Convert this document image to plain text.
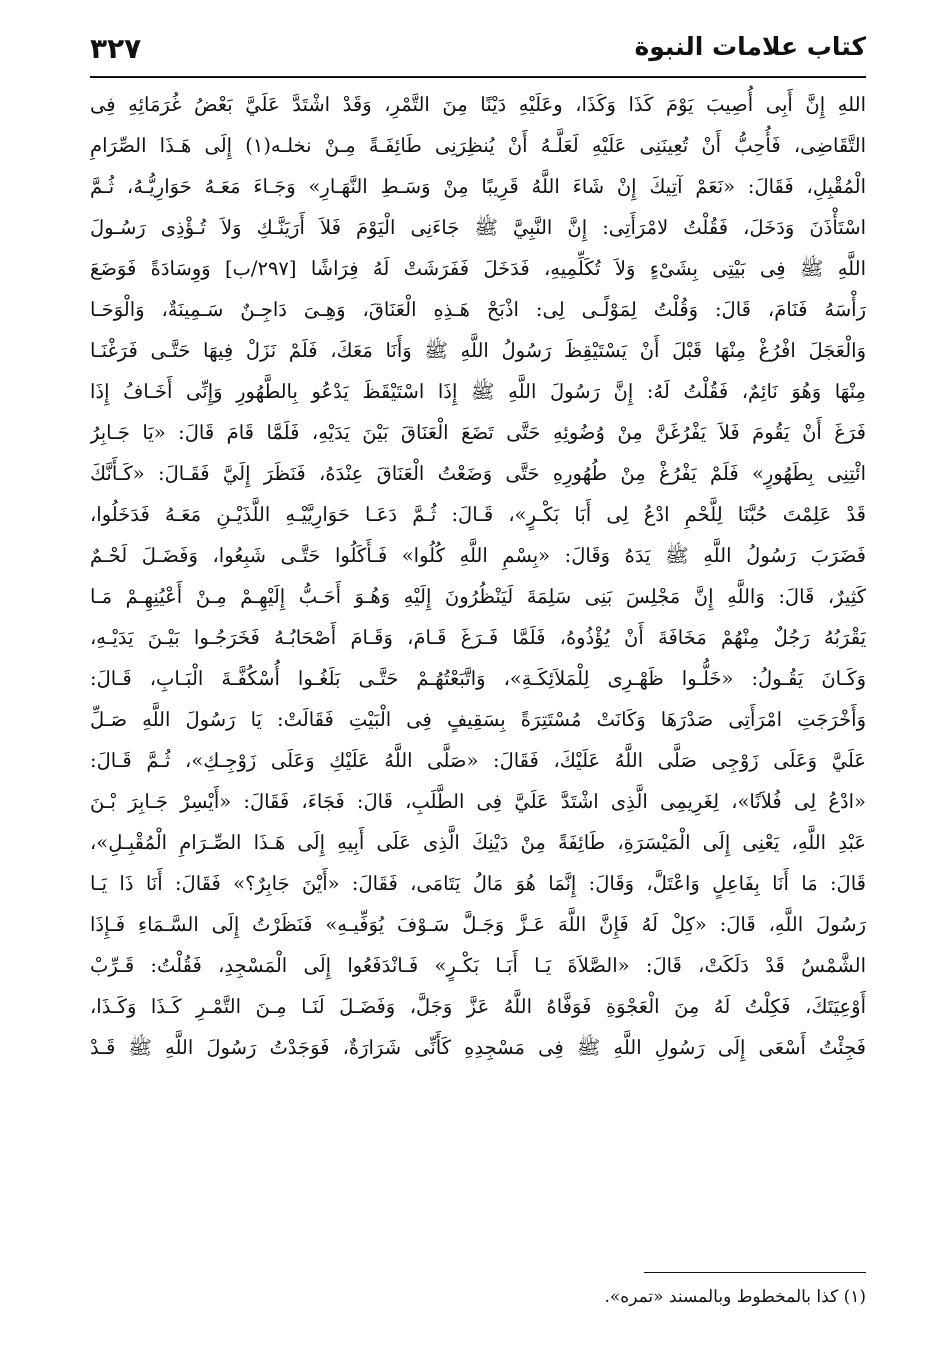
٣٢٧	كتاب علامات النبوة
اللهِ إِنَّ أَبِى أُصِيبَ يَوْمَ كَذَا وَكَذَا، وعَلَيْهِ دَيْنًا مِنَ التَّمْرِ، وَقَدْ اشْتَدَّ عَلَيَّ بَعْضُ غُرَمَائِهِ فِى
التَّقَاضِى، فَأُحِبُّ أَنْ تُعِينَنِى عَلَيْهِ لَعَلَّـهُ أَنْ يُنظِرَنِى طَائِفَـةً مِـنْ نخلـه(١) إِلَى هَـذَا الصِّرَامِ
الْمُقْبِلِ، فَقَالَ: «نَعَمْ آتِيكَ إِنْ شَاءَ اللَّهُ قَرِيبًا مِنْ وَسَـطِ النَّهَـارِ» وَجَـاءَ مَعَـهُ حَوَارِيُّـهُ، ثُـمَّ
اسْتَأْذَنَ وَدَخَلَ، فَقُلْتُ لامْرَأَتِى: إِنَّ النَّبِيَّ ﷺ جَاءَنِى الْيَوْمَ فَلاَ أَرَيَنَّـكِ وَلاَ تُـؤْذِى رَسُـولَ
اللَّهِ ﷺ فِى بَيْتِى بِشَىْءٍ وَلاَ تُكَلِّمِيهِ، فَدَخَلَ فَفَرَشَتْ لَهُ فِرَاشًا [٢٩٧/ب] وَوِسَادَةً فَوَضَعَ
رَأْسَهُ فَنَامَ، قَالَ: وَقُلْتُ لِمَوْلًـى لِى: اذْبَحْ هَـذِهِ الْعَنَاقَ، وَهِـىَ دَاجِـنٌ سَـمِينَةٌ، وَالْوَحَـا
وَالْعَجَلَ افْرُغْ مِنْهَا قَبْلَ أَنْ يَسْتَيْقِظَ رَسُولُ اللَّهِ ﷺ وَأَنَا مَعَكَ، فَلَمْ نَزَلْ فِيهَا حَتَّـى فَرَغْنَـا
مِنْهَا وَهُوَ نَائِمٌ، فَقُلْتُ لَهُ: إِنَّ رَسُولَ اللَّهِ ﷺ إِذَا اسْتَيْقَظَ يَدْعُو بِالطَّهُورِ وَإِنِّى أَخَـافُ إِذَا
فَرَغَ أَنْ يَقُومَ فَلاَ يَفْرُغَنَّ مِنْ وُضُوئِهِ حَتَّى تَضَعَ الْعَنَاقَ بَيْنَ يَدَيْهِ، فَلَمَّا قَامَ قَالَ: «يَا جَـابِرُ
ائْتِنِى بِطَهُورٍ» فَلَمْ يَفْرُغْ مِنْ طُهُورِهِ حَتَّى وَضَعْتُ الْعَنَاقَ عِنْدَهُ، فَنَظَرَ إِلَيَّ فَقَـالَ: «كَـأَنَّكَ
قَدْ عَلِمْتَ حُبَّنَا لِلَّحْمِ ادْعُ لِى أَبَا بَكْـرٍ»، قَـالَ: ثُـمَّ دَعَـا حَوَارِيَّيْـهِ اللَّذَيْـنِ مَعَـهُ فَدَخَلُوا،
فَضَرَبَ رَسُولُ اللَّهِ ﷺ يَدَهُ وَقَالَ: «بِسْمِ اللَّهِ كُلُوا» فَـأَكَلُوا حَتَّـى شَبِعُوا، وَفَضَـلَ لَحْـمٌ
كَثِيرٌ، قَالَ: وَاللَّهِ إِنَّ مَجْلِسَ بَنِى سَلِمَةَ لَيَنْظُرُونَ إِلَيْهِ وَهُـوَ أَحَـبُّ إِلَيْهِـمْ مِـنْ أَعْيُنِهِـمْ مَـا
يَقْرَبُهُ رَجُلٌ مِنْهُمْ مَخَافَةَ أَنْ يُؤْذُوهُ، فَلَمَّا فَـرَغَ قَـامَ، وَقَـامَ أَصْحَابُـهُ فَخَرَجُـوا بَيْـنَ يَدَيْـهِ،
وَكَـانَ يَقُـولُ: «خَلُّـوا ظَهْـرِى لِلْمَلاَئِكَـةِ»، وَاتَّبَعْتُهُـمْ حَتَّـى بَلَغُـوا أُسْكُفَّـةَ الْبَـابِ، قَـالَ:
وَأَخْرَجَتِ امْرَأَتِى صَدْرَهَا وَكَانَتْ مُسْتَتِرَةً بِسَقِيفٍ فِى الْبَيْتِ فَقَالَتْ: يَا رَسُولَ اللَّهِ صَـلِّ
عَلَيَّ وَعَلَى زَوْجِى صَلَّى اللَّهُ عَلَيْكَ، فَقَالَ: «صَلَّى اللَّهُ عَلَيْكِ وَعَلَى زَوْجِـكِ»، ثُـمَّ قَـالَ:
«ادْعُ لِى فُلاَنًا»، لِغَرِيمِى الَّذِى اشْتَدَّ عَلَيَّ فِى الطَّلَبِ، قَالَ: فَجَاءَ، فَقَالَ: «أَيْسِرْ جَـابِرَ بْـنَ
عَبْدِ اللَّهِ، يَعْنِى إِلَى الْمَيْسَرَةِ، طَائِفَةً مِنْ دَيْنِكَ الَّذِى عَلَى أَبِيهِ إِلَى هَـذَا الصِّـرَامِ الْمُقْبِـلِ»،
قَالَ: مَا أَنَا بِفَاعِلٍ وَاعْتَلَّ، وَقَالَ: إِنَّمَا هُوَ مَالُ يَتَامَى، فَقَالَ: «أَيْنَ جَابِرٌ؟» فَقَالَ: أَنَا ذَا يَـا
رَسُولَ اللَّهِ، قَالَ: «كِلْ لَهُ فَإِنَّ اللَّهَ عَـزَّ وَجَـلَّ سَـوْفَ يُوَفِّيـهِ» فَنَظَرْتُ إِلَى السَّـمَاءِ فَـإِذَا
الشَّمْسُ قَدْ دَلَكَتْ، قَالَ: «الصَّلاَةَ يَـا أَبَـا بَكْـرٍ» فَـانْدَفَعُوا إِلَى الْمَسْجِدِ، فَقُلْتُ: قَـرِّبْ
أَوْعِيَتَكَ، فَكِلْتُ لَهُ مِنَ الْعَجْوَةِ فَوَفَّاهُ اللَّهُ عَزَّ وَجَلَّ، وَفَضَـلَ لَنَـا مِـنَ التَّمْـرِ كَـذَا وَكَـذَا،
فَجِئْتُ أَسْعَى إِلَى رَسُولِ اللَّهِ ﷺ فِى مَسْجِدِهِ كَأَنِّى شَرَارَةٌ، فَوَجَدْتُ رَسُولَ اللَّهِ ﷺ قَـدْ
(١) كذا بالمخطوط وبالمسند «تمره».
